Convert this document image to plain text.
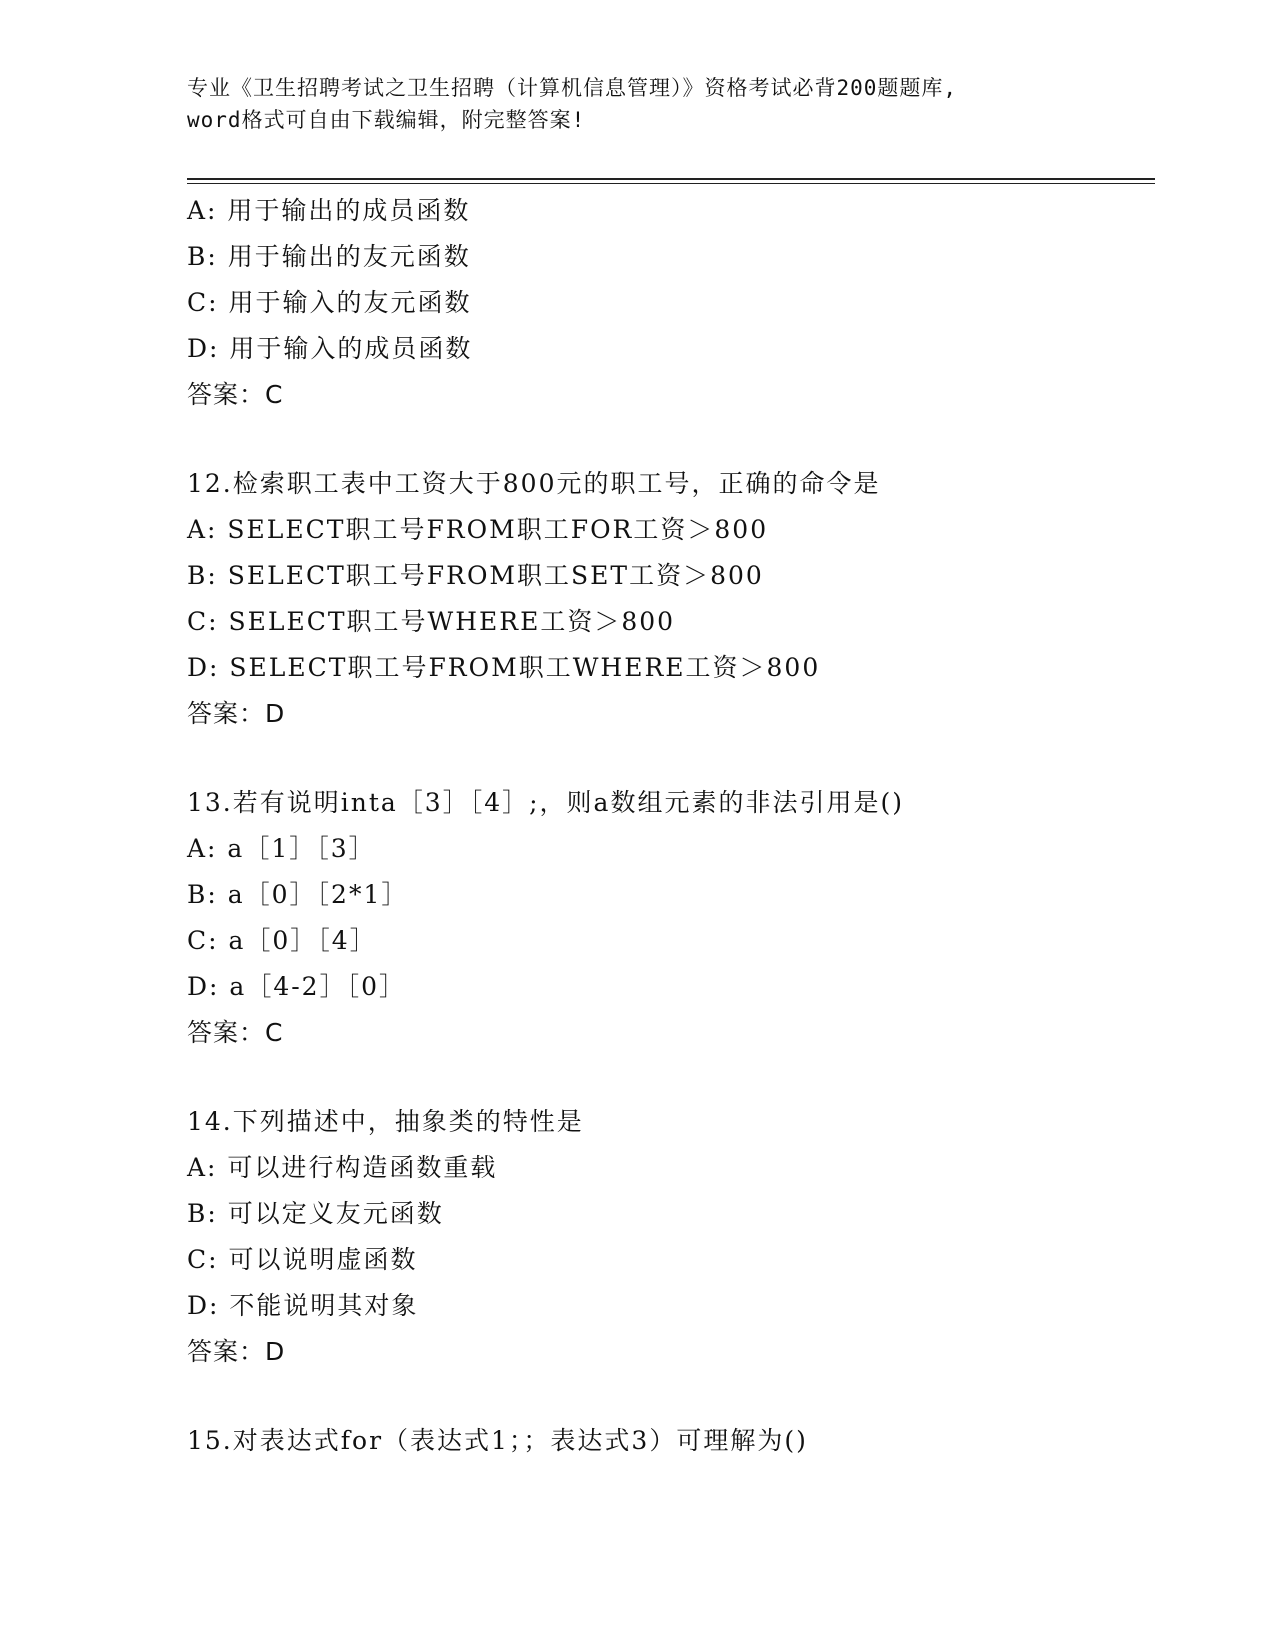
专业《卫生招聘考试之卫生招聘（计算机信息管理）》资格考试必背200题题库,
word格式可自由下载编辑，附完整答案!
A: 用于输出的成员函数
B: 用于输出的友元函数
C: 用于输入的友元函数
D: 用于输入的成员函数
答案：C
12.检索职工表中工资大于800元的职工号，正确的命令是
A: SELECT职工号FROM职工FOR工资＞800
B: SELECT职工号FROM职工SET工资＞800
C: SELECT职工号WHERE工资＞800
D: SELECT职工号FROM职工WHERE工资＞800
答案：D
13.若有说明inta［3］［4］;，则a数组元素的非法引用是()
A: a［1］［3］
B: a［0］［2*1］
C: a［0］［4］
D: a［4-2］［0］
答案：C
14.下列描述中，抽象类的特性是
A: 可以进行构造函数重载
B: 可以定义友元函数
C: 可以说明虚函数
D: 不能说明其对象
答案：D
15.对表达式for（表达式1；；表达式3）可理解为()
